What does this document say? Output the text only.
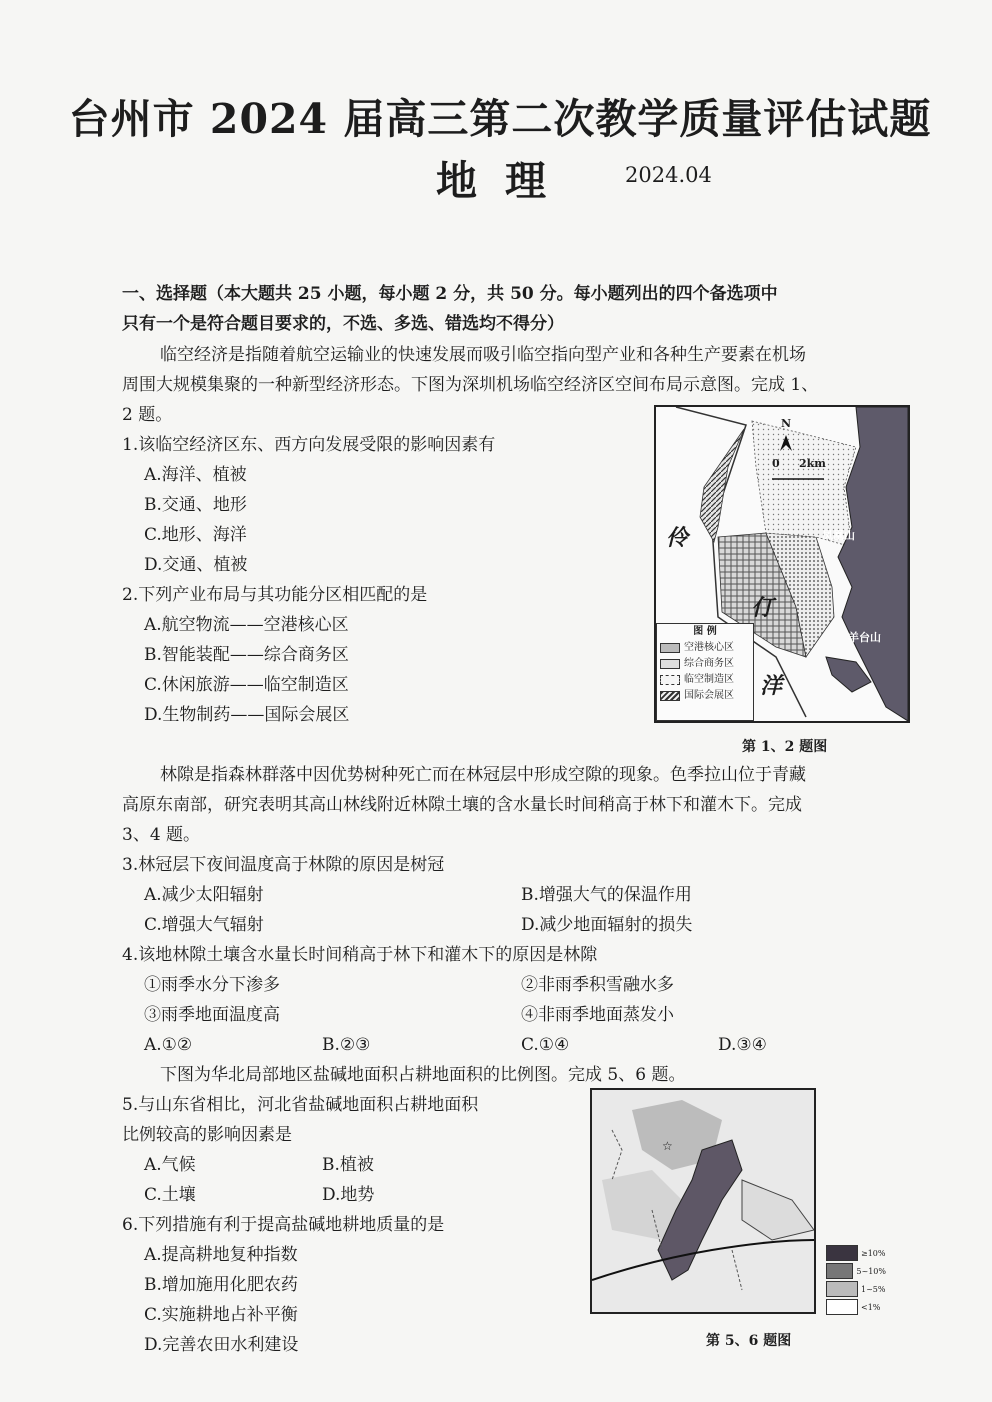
台州市 2024 届高三第二次教学质量评估试题
地理 2024.04
一、选择题（本大题共 25 小题，每小题 2 分，共 50 分。每小题列出的四个备选项中
只有一个是符合题目要求的，不选、多选、错选均不得分）
临空经济是指随着航空运输业的快速发展而吸引临空指向型产业和各种生产要素在机场
周围大规模集聚的一种新型经济形态。下图为深圳机场临空经济区空间布局示意图。完成 1、
2 题。
1.该临空经济区东、西方向发展受限的影响因素有
A.海洋、植被
B.交通、地形
C.地形、海洋
D.交通、植被
2.下列产业布局与其功能分区相匹配的是
A.航空物流——空港核心区
B.智能装配——综合商务区
C.休闲旅游——临空制造区
D.生物制药——国际会展区
N
0 2km
凤凰山
羊台山
伶
仃
洋
图 例
空港核心区
综合商务区
临空制造区
国际会展区
第 1、2 题图
林隙是指森林群落中因优势树种死亡而在林冠层中形成空隙的现象。色季拉山位于青藏
高原东南部，研究表明其高山林线附近林隙土壤的含水量长时间稍高于林下和灌木下。完成
3、4 题。
3.林冠层下夜间温度高于林隙的原因是树冠
A.减少太阳辐射	B.增强大气的保温作用
C.增强大气辐射	D.减少地面辐射的损失
4.该地林隙土壤含水量长时间稍高于林下和灌木下的原因是林隙
①雨季水分下渗多	②非雨季积雪融水多
③雨季地面温度高	④非雨季地面蒸发小
A.①②	B.②③	C.①④	D.③④
下图为华北局部地区盐碱地面积占耕地面积的比例图。完成 5、6 题。
5.与山东省相比，河北省盐碱地面积占耕地面积
比例较高的影响因素是
A.气候	B.植被
C.土壤	D.地势
6.下列措施有利于提高盐碱地耕地质量的是
A.提高耕地复种指数
B.增加施用化肥农药
C.实施耕地占补平衡
D.完善农田水利建设
☆
≥10%
5~10%
1~5%
<1%
第 5、6 题图
